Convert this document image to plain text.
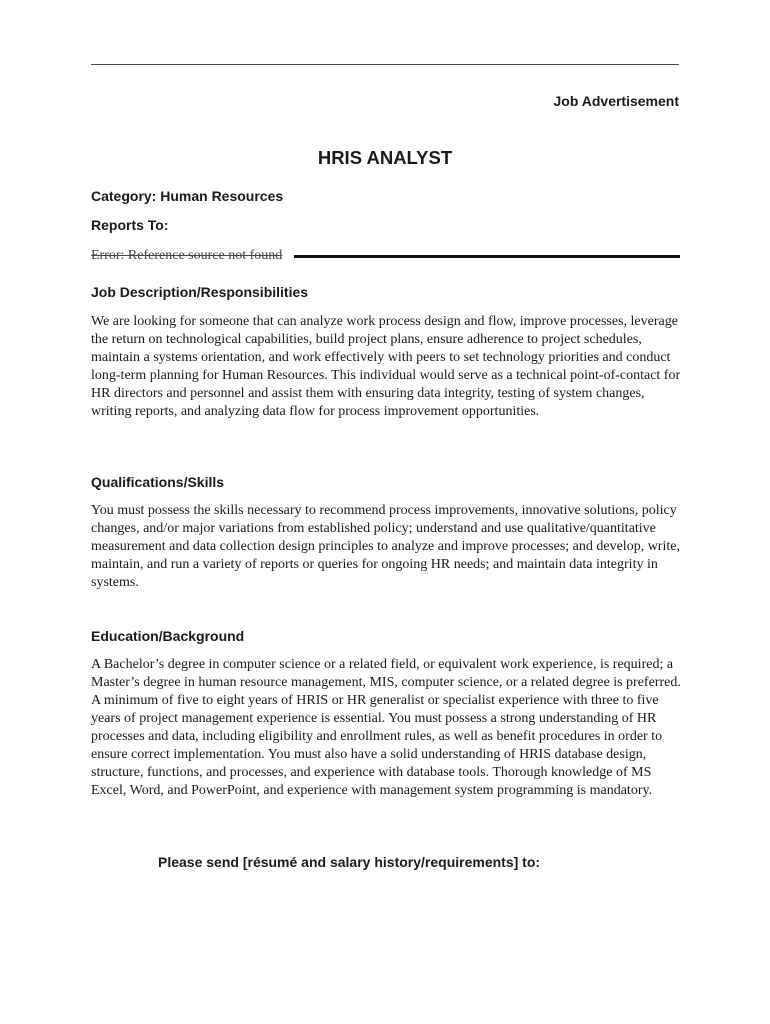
Job Advertisement
HRIS ANALYST
Category: Human Resources
Reports To:
Error: Reference source not found
Job Description/Responsibilities

We are looking for someone that can analyze work process design and flow, improve processes, leverage the return on technological capabilities, build project plans, ensure adherence to project schedules, maintain a systems orientation, and work effectively with peers to set technology priorities and conduct long-term planning for Human Resources. This individual would serve as a technical point-of-contact for HR directors and personnel and assist them with ensuring data integrity, testing of system changes, writing reports, and analyzing data flow for process improvement opportunities.

Qualifications/Skills

You must possess the skills necessary to recommend process improvements, innovative solutions, policy changes, and/or major variations from established policy; understand and use qualitative/quantitative measurement and data collection design principles to analyze and improve processes; and develop, write, maintain, and run a variety of reports or queries for ongoing HR needs; and maintain data integrity in systems.

Education/Background

A Bachelor’s degree in computer science or a related field, or equivalent work experience, is required; a Master’s degree in human resource management, MIS, computer science, or a related degree is preferred. A minimum of five to eight years of HRIS or HR generalist or specialist experience with three to five years of project management experience is essential. You must possess a strong understanding of HR processes and data, including eligibility and enrollment rules, as well as benefit procedures in order to ensure correct implementation. You must also have a solid understanding of HRIS database design, structure, functions, and processes, and experience with database tools. Thorough knowledge of MS Excel, Word, and PowerPoint, and experience with management system programming is mandatory.

Please send [résumé and salary history/requirements] to:
